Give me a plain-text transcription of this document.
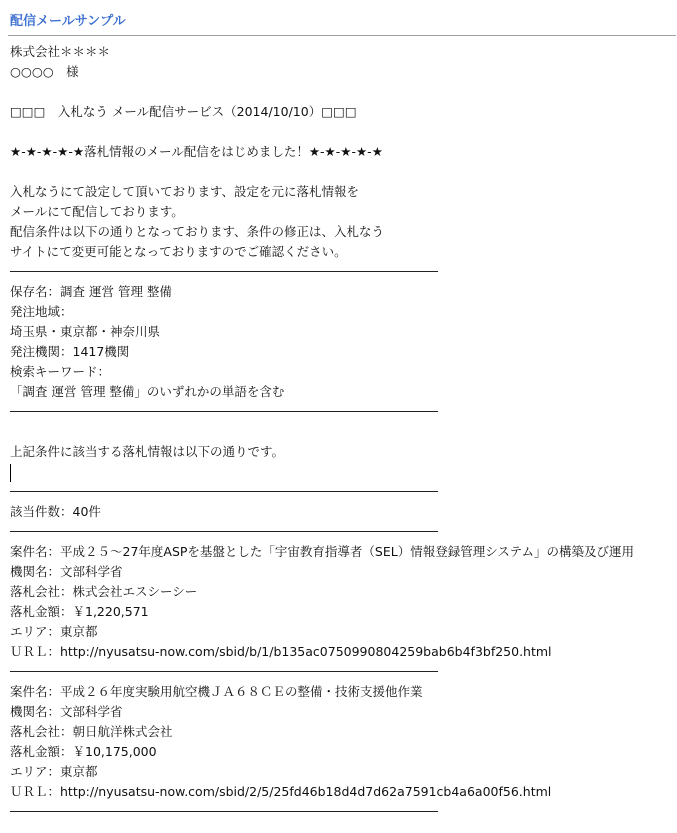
配信メールサンプル
株式会社＊＊＊＊
○○○○　様
□□□　入札なう メール配信サービス（2014/10/10）□□□
★-★-★-★-★落札情報のメール配信をはじめました！★-★-★-★-★
入札なうにて設定して頂いております、設定を元に落札情報を
メールにて配信しております。
配信条件は以下の通りとなっております、条件の修正は、入札なう
サイトにて変更可能となっておりますのでご確認ください。
保存名：調査 運営 管理 整備
発注地域：
埼玉県・東京都・神奈川県
発注機関：1417機関
検索キーワード：
「調査 運営 管理 整備」のいずれかの単語を含む
上記条件に該当する落札情報は以下の通りです。
該当件数：40件
案件名：平成２５～27年度ASPを基盤とした「宇宙教育指導者（SEL）情報登録管理システム」の構築及び運用
機関名：文部科学省
落札会社：株式会社エスシーシー
落札金額：￥1,220,571
エリア：東京都
ＵＲＬ：http://nyusatsu-now.com/sbid/b/1/b135ac0750990804259bab6b4f3bf250.html
案件名：平成２６年度実験用航空機ＪＡ６８ＣＥの整備・技術支援他作業
機関名：文部科学省
落札会社：朝日航洋株式会社
落札金額：￥10,175,000
エリア：東京都
ＵＲＬ：http://nyusatsu-now.com/sbid/2/5/25fd46b18d4d7d62a7591cb4a6a00f56.html
